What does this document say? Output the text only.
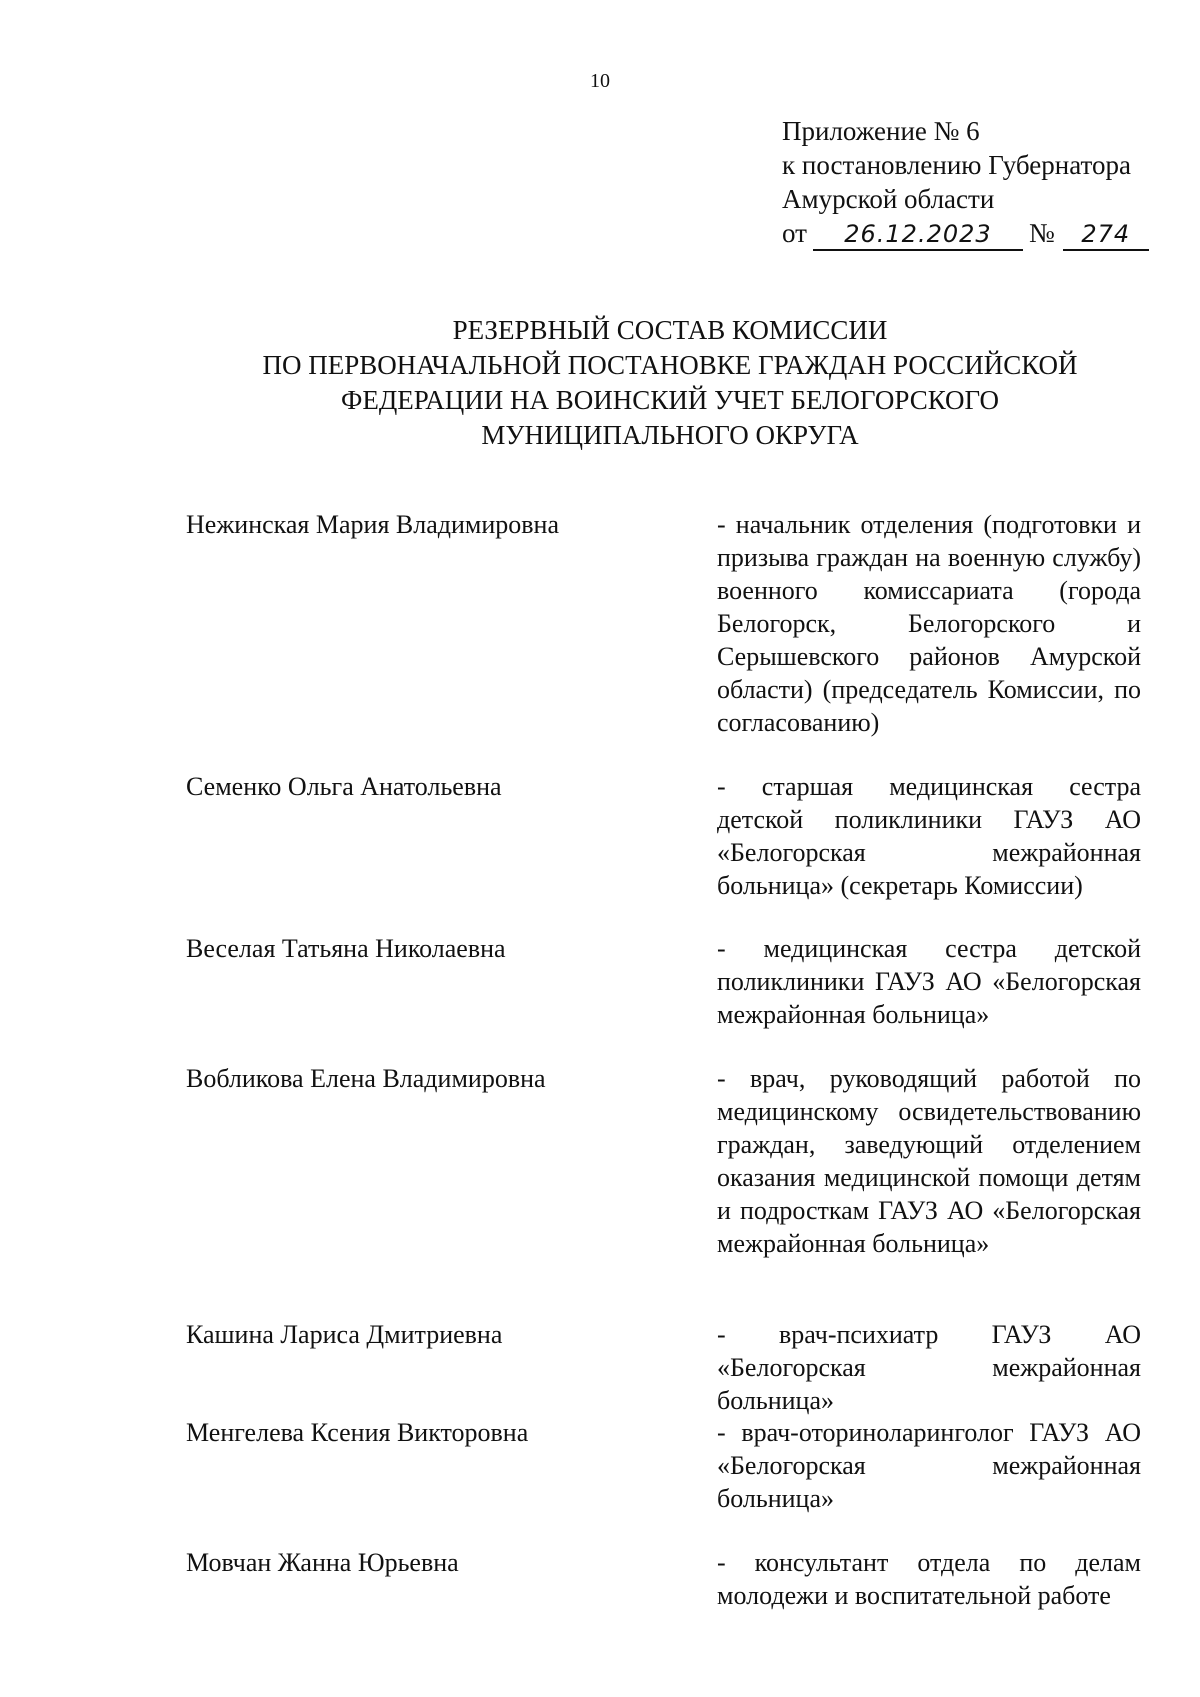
10
Приложение № 6
к постановлению Губернатора
Амурской области
от	26.12.2023	№	274
РЕЗЕРВНЫЙ СОСТАВ КОМИССИИ
ПО ПЕРВОНАЧАЛЬНОЙ ПОСТАНОВКЕ ГРАЖДАН РОССИЙСКОЙ
ФЕДЕРАЦИИ НА ВОИНСКИЙ УЧЕТ БЕЛОГОРСКОГО
МУНИЦИПАЛЬНОГО ОКРУГА
Нежинская Мария Владимировна	- начальник отделения (подготовки и призыва граждан на военную службу) военного комиссариата (города Белогорск, Белогорского и Серышевского районов Амурской области) (председатель Комиссии, по согласованию)
Семенко Ольга Анатольевна	- старшая медицинская сестра детской поликлиники ГАУЗ АО «Белогорская межрайонная больница» (секретарь Комиссии)
Веселая Татьяна Николаевна	- медицинская сестра детской поликлиники ГАУЗ АО «Белогорская межрайонная больница»
Вобликова Елена Владимировна	- врач, руководящий работой по медицинскому освидетельствованию граждан, заведующий отделением оказания медицинской помощи детям и подросткам ГАУЗ АО «Белогорская межрайонная больница»
Кашина Лариса Дмитриевна	- врач-психиатр ГАУЗ АО «Белогорская межрайонная больница»
Менгелева Ксения Викторовна	- врач-оториноларинголог ГАУЗ АО «Белогорская межрайонная больница»
Мовчан Жанна Юрьевна	- консультант отдела по делам молодежи и воспитательной работе
